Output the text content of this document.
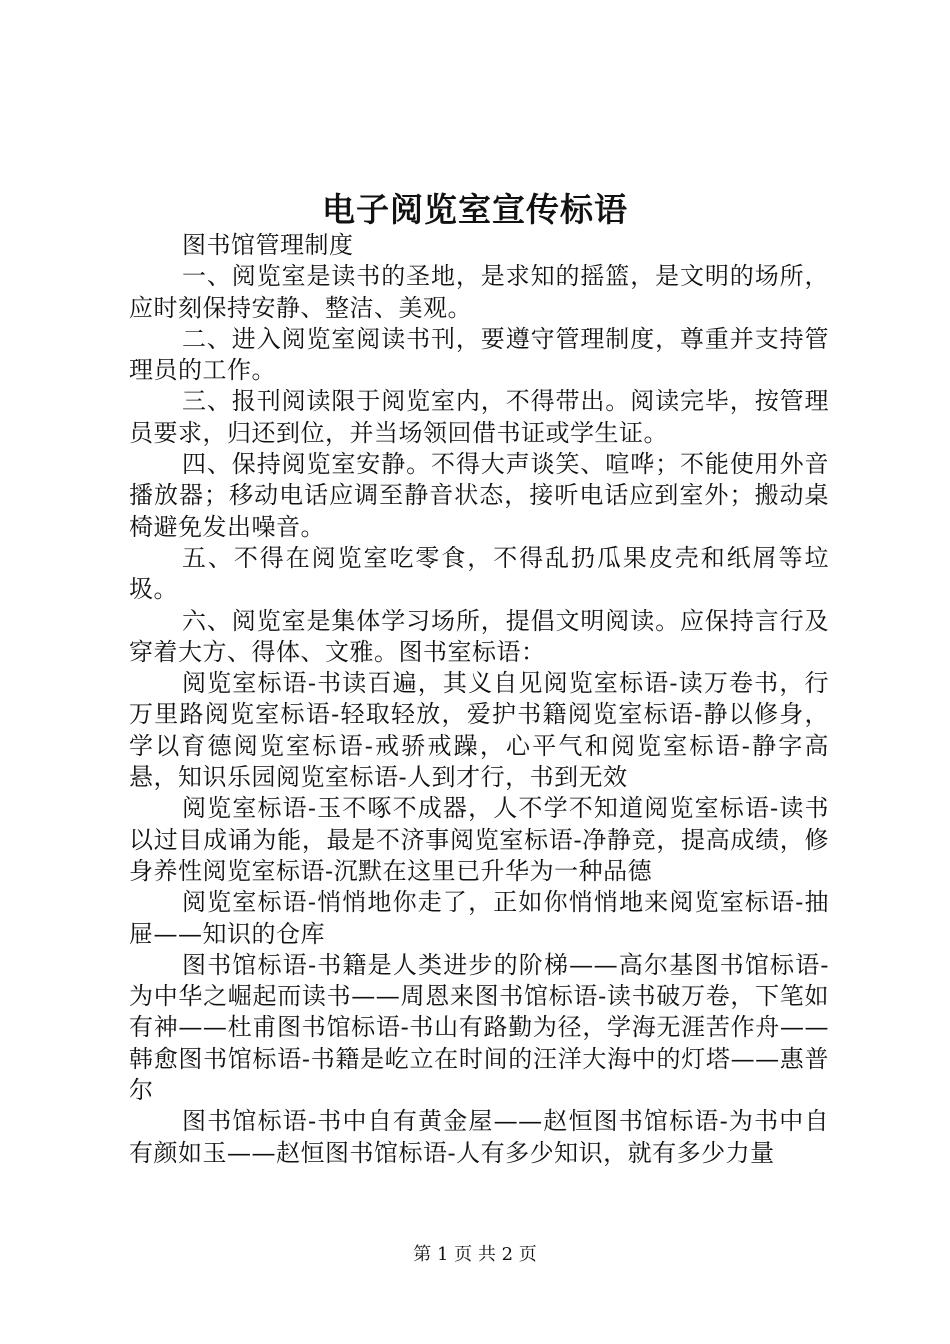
电子阅览室宣传标语

图书馆管理制度

一、阅览室是读书的圣地，是求知的摇篮，是文明的场所，应时刻保持安静、整洁、美观。

二、进入阅览室阅读书刊，要遵守管理制度，尊重并支持管理员的工作。

三、报刊阅读限于阅览室内，不得带出。阅读完毕，按管理员要求，归还到位，并当场领回借书证或学生证。

四、保持阅览室安静。不得大声谈笑、喧哗；不能使用外音播放器；移动电话应调至静音状态，接听电话应到室外；搬动桌椅避免发出噪音。

五、不得在阅览室吃零食，不得乱扔瓜果皮壳和纸屑等垃圾。

六、阅览室是集体学习场所，提倡文明阅读。应保持言行及穿着大方、得体、文雅。图书室标语：

阅览室标语-书读百遍，其义自见阅览室标语-读万卷书，行万里路阅览室标语-轻取轻放，爱护书籍阅览室标语-静以修身，学以育德阅览室标语-戒骄戒躁，心平气和阅览室标语-静字高悬，知识乐园阅览室标语-人到才行，书到无效

阅览室标语-玉不啄不成器，人不学不知道阅览室标语-读书以过目成诵为能，最是不济事阅览室标语-净静竞，提高成绩，修身养性阅览室标语-沉默在这里已升华为一种品德

阅览室标语-悄悄地你走了，正如你悄悄地来阅览室标语-抽屉——知识的仓库

图书馆标语-书籍是人类进步的阶梯——高尔基图书馆标语-为中华之崛起而读书——周恩来图书馆标语-读书破万卷，下笔如有神——杜甫图书馆标语-书山有路勤为径，学海无涯苦作舟——韩愈图书馆标语-书籍是屹立在时间的汪洋大海中的灯塔——惠普尔

图书馆标语-书中自有黄金屋——赵恒图书馆标语-为书中自有颜如玉——赵恒图书馆标语-人有多少知识，就有多少力量

第 1 页 共 2 页
